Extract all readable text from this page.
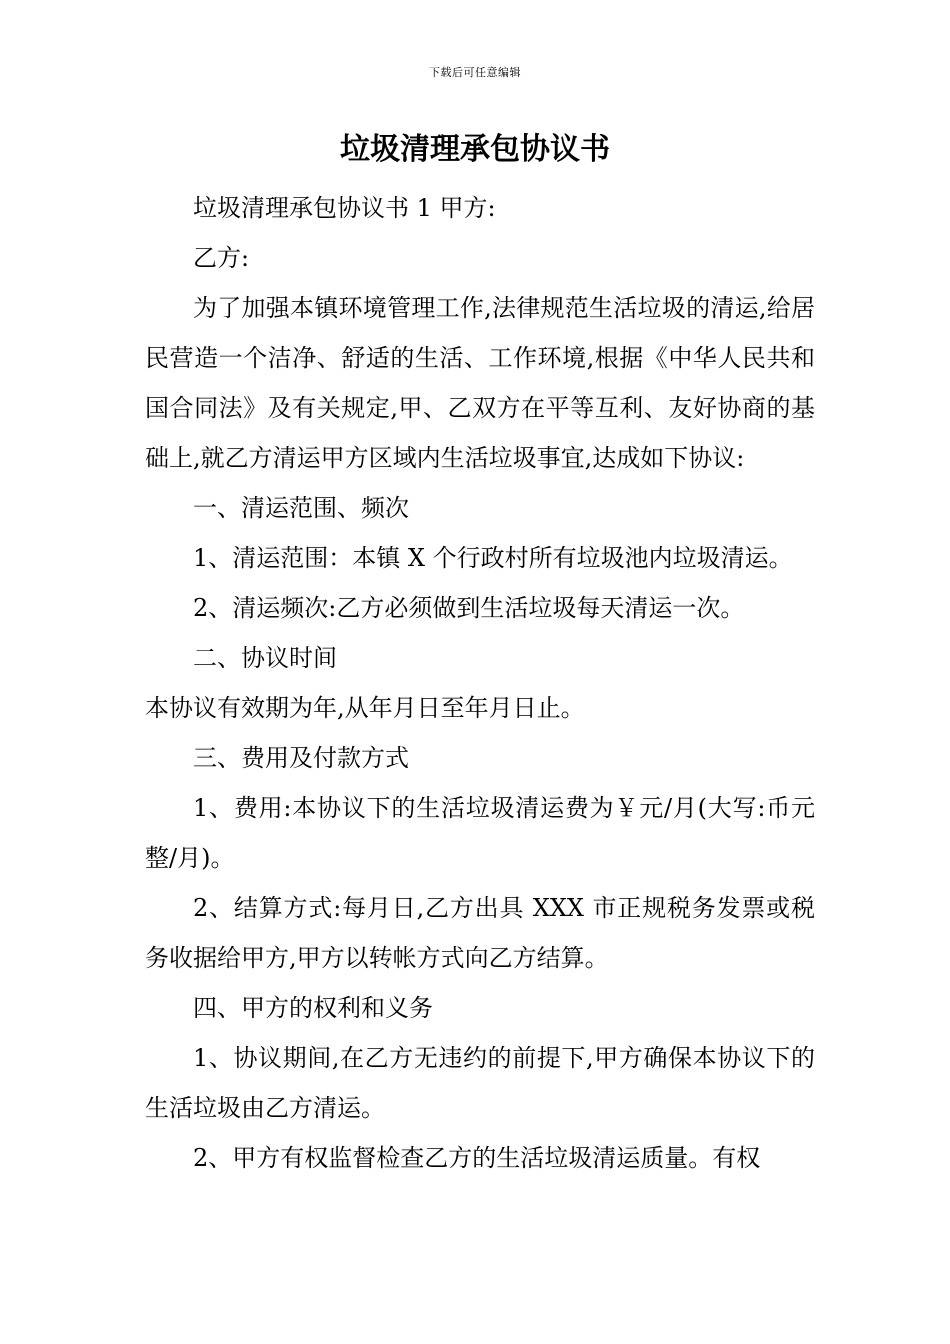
下载后可任意编辑
垃圾清理承包协议书

垃圾清理承包协议书 1 甲方:

乙方:

为了加强本镇环境管理工作,法律规范生活垃圾的清运,给居民营造一个洁净、舒适的生活、工作环境,根据《中华人民共和国合同法》及有关规定,甲、乙双方在平等互利、友好协商的基础上,就乙方清运甲方区域内生活垃圾事宜,达成如下协议:

一、清运范围、频次

1、清运范围：本镇 X 个行政村所有垃圾池内垃圾清运。

2、清运频次:乙方必须做到生活垃圾每天清运一次。

二、协议时间

本协议有效期为年,从年月日至年月日止。

三、费用及付款方式

1、费用:本协议下的生活垃圾清运费为￥元/月(大写:币元整/月)。

2、结算方式:每月日,乙方出具 XXX 市正规税务发票或税务收据给甲方,甲方以转帐方式向乙方结算。

四、甲方的权利和义务

1、协议期间,在乙方无违约的前提下,甲方确保本协议下的生活垃圾由乙方清运。

2、甲方有权监督检查乙方的生活垃圾清运质量。有权
